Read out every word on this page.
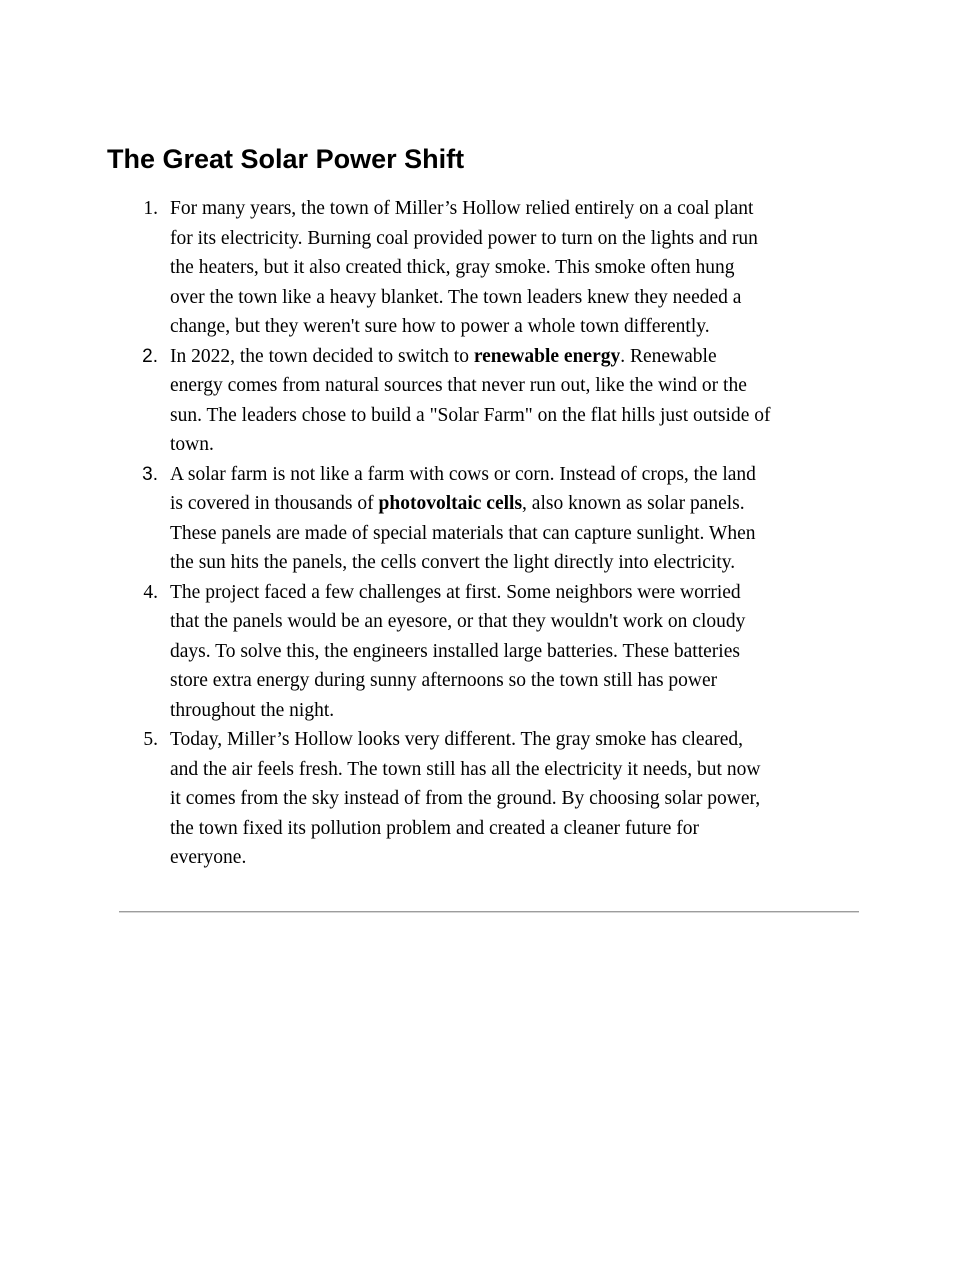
The Great Solar Power Shift
1. For many years, the town of Miller’s Hollow relied entirely on a coal plant
for its electricity. Burning coal provided power to turn on the lights and run
the heaters, but it also created thick, gray smoke. This smoke often hung
over the town like a heavy blanket. The town leaders knew they needed a
change, but they weren't sure how to power a whole town differently.
2. In 2022, the town decided to switch to renewable energy. Renewable
energy comes from natural sources that never run out, like the wind or the
sun. The leaders chose to build a "Solar Farm" on the flat hills just outside of
town.
3. A solar farm is not like a farm with cows or corn. Instead of crops, the land
is covered in thousands of photovoltaic cells, also known as solar panels.
These panels are made of special materials that can capture sunlight. When
the sun hits the panels, the cells convert the light directly into electricity.
4. The project faced a few challenges at first. Some neighbors were worried
that the panels would be an eyesore, or that they wouldn't work on cloudy
days. To solve this, the engineers installed large batteries. These batteries
store extra energy during sunny afternoons so the town still has power
throughout the night.
5. Today, Miller’s Hollow looks very different. The gray smoke has cleared,
and the air feels fresh. The town still has all the electricity it needs, but now
it comes from the sky instead of from the ground. By choosing solar power,
the town fixed its pollution problem and created a cleaner future for
everyone.
